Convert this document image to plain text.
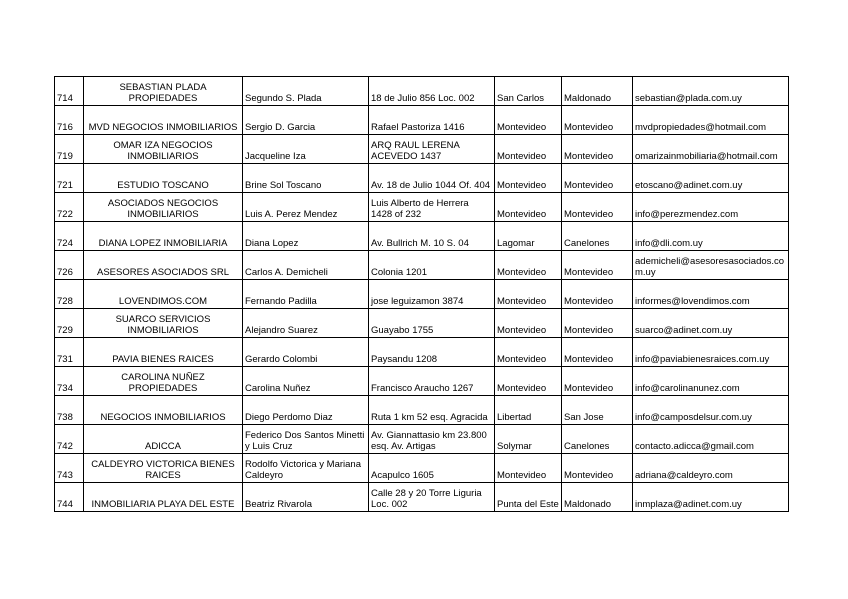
714	SEBASTIAN PLADA PROPIEDADES	Segundo S. Plada	18 de Julio 856 Loc. 002	San Carlos	Maldonado	sebastian@plada.com.uy
716	MVD NEGOCIOS INMOBILIARIOS	Sergio D. Garcia	Rafael Pastoriza 1416	Montevideo	Montevideo	mvdpropiedades@hotmail.com
719	OMAR IZA NEGOCIOS INMOBILIARIOS	Jacqueline Iza	ARQ RAUL LERENA ACEVEDO 1437	Montevideo	Montevideo	omarizainmobiliaria@hotmail.com
721	ESTUDIO TOSCANO	Brine Sol Toscano	Av. 18 de Julio 1044 Of. 404	Montevideo	Montevideo	etoscano@adinet.com.uy
722	ASOCIADOS NEGOCIOS INMOBILIARIOS	Luis A. Perez Mendez	Luis Alberto de Herrera 1428 of 232	Montevideo	Montevideo	info@perezmendez.com
724	DIANA LOPEZ INMOBILIARIA	Diana Lopez	Av. Bullrich M. 10 S. 04	Lagomar	Canelones	info@dli.com.uy
726	ASESORES ASOCIADOS SRL	Carlos A. Demicheli	Colonia 1201	Montevideo	Montevideo	ademicheli@asesoresasociados.com.uy
728	LOVENDIMOS.COM	Fernando Padilla	jose leguizamon 3874	Montevideo	Montevideo	informes@lovendimos.com
729	SUARCO SERVICIOS INMOBILIARIOS	Alejandro Suarez	Guayabo 1755	Montevideo	Montevideo	suarco@adinet.com.uy
731	PAVIA BIENES RAICES	Gerardo Colombi	Paysandu 1208	Montevideo	Montevideo	info@paviabienesraices.com.uy
734	CAROLINA NUÑEZ PROPIEDADES	Carolina Nuñez	Francisco Araucho 1267	Montevideo	Montevideo	info@carolinanunez.com
738	NEGOCIOS INMOBILIARIOS	Diego Perdomo Diaz	Ruta 1 km 52 esq. Agracida	Libertad	San Jose	info@camposdelsur.com.uy
742	ADICCA	Federico Dos Santos Minetti y Luis Cruz	Av. Giannattasio km 23.800 esq. Av. Artigas	Solymar	Canelones	contacto.adicca@gmail.com
743	CALDEYRO VICTORICA BIENES RAICES	Rodolfo Victorica y Mariana Caldeyro	Acapulco 1605	Montevideo	Montevideo	adriana@caldeyro.com
744	INMOBILIARIA PLAYA DEL ESTE	Beatriz Rivarola	Calle 28 y 20 Torre Liguria Loc. 002	Punta del Este	Maldonado	inmplaza@adinet.com.uy
